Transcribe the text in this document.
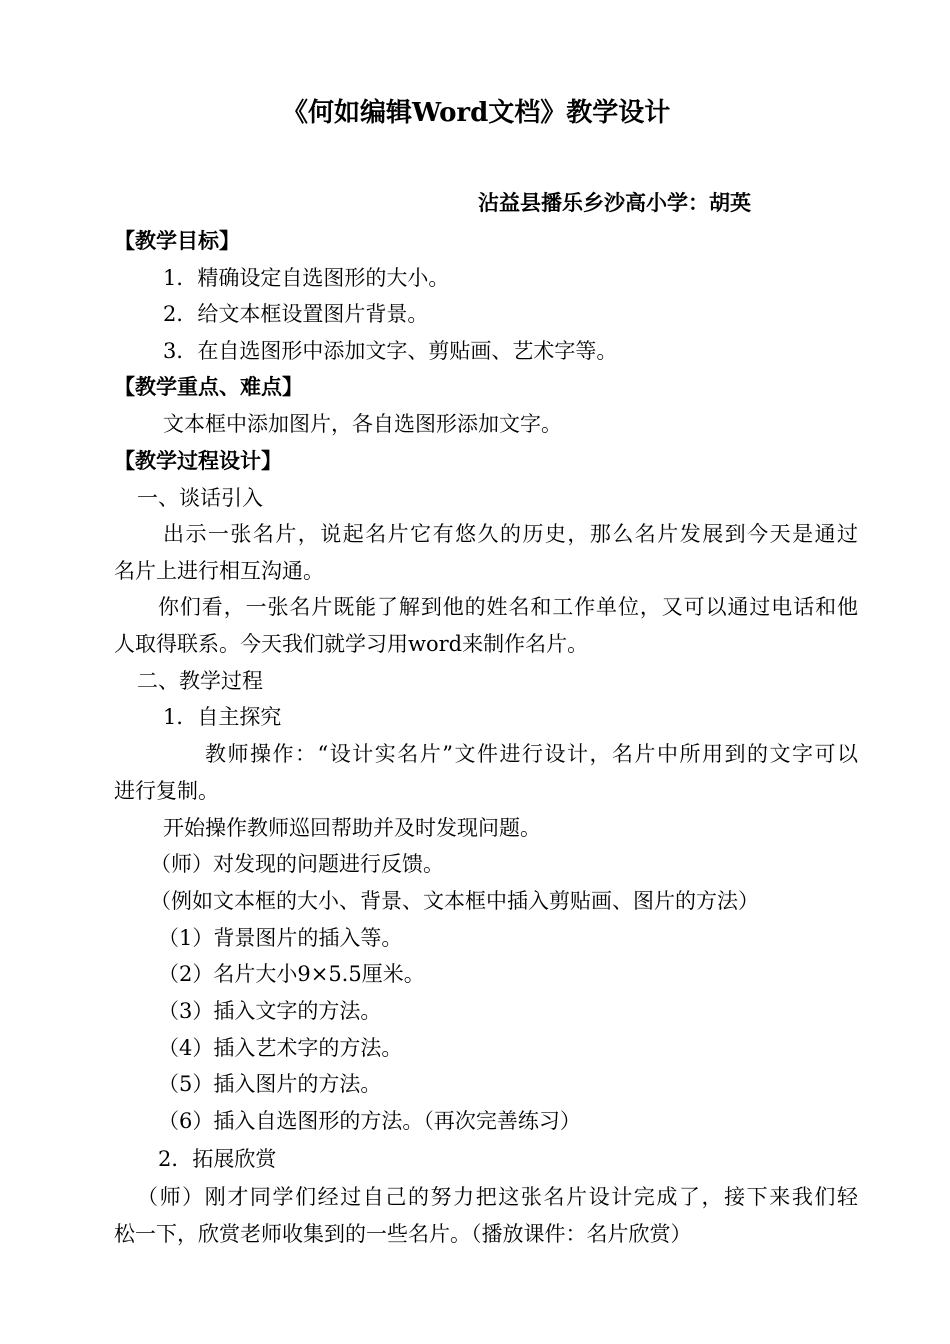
《何如编辑Word文档》教学设计
沾益县播乐乡沙高小学：胡英
【教学目标】
1．精确设定自选图形的大小。
2．给文本框设置图片背景。
3．在自选图形中添加文字、剪贴画、艺术字等。
【教学重点、难点】
文本框中添加图片，各自选图形添加文字。
【教学过程设计】
一、谈话引入
出示一张名片，说起名片它有悠久的历史，那么名片发展到今天是通过
名片上进行相互沟通。
你们看，一张名片既能了解到他的姓名和工作单位，又可以通过电话和他
人取得联系。今天我们就学习用word来制作名片。
二、教学过程
1．自主探究
教师操作：“设计实名片”文件进行设计，名片中所用到的文字可以
进行复制。
开始操作教师巡回帮助并及时发现问题。
（师）对发现的问题进行反馈。
（例如文本框的大小、背景、文本框中插入剪贴画、图片的方法）
（1）背景图片的插入等。
（2）名片大小9×5.5厘米。
（3）插入文字的方法。
（4）插入艺术字的方法。
（5）插入图片的方法。
（6）插入自选图形的方法。（再次完善练习）
2．拓展欣赏
（师）刚才同学们经过自己的努力把这张名片设计完成了，接下来我们轻
松一下，欣赏老师收集到的一些名片。（播放课件：名片欣赏）
